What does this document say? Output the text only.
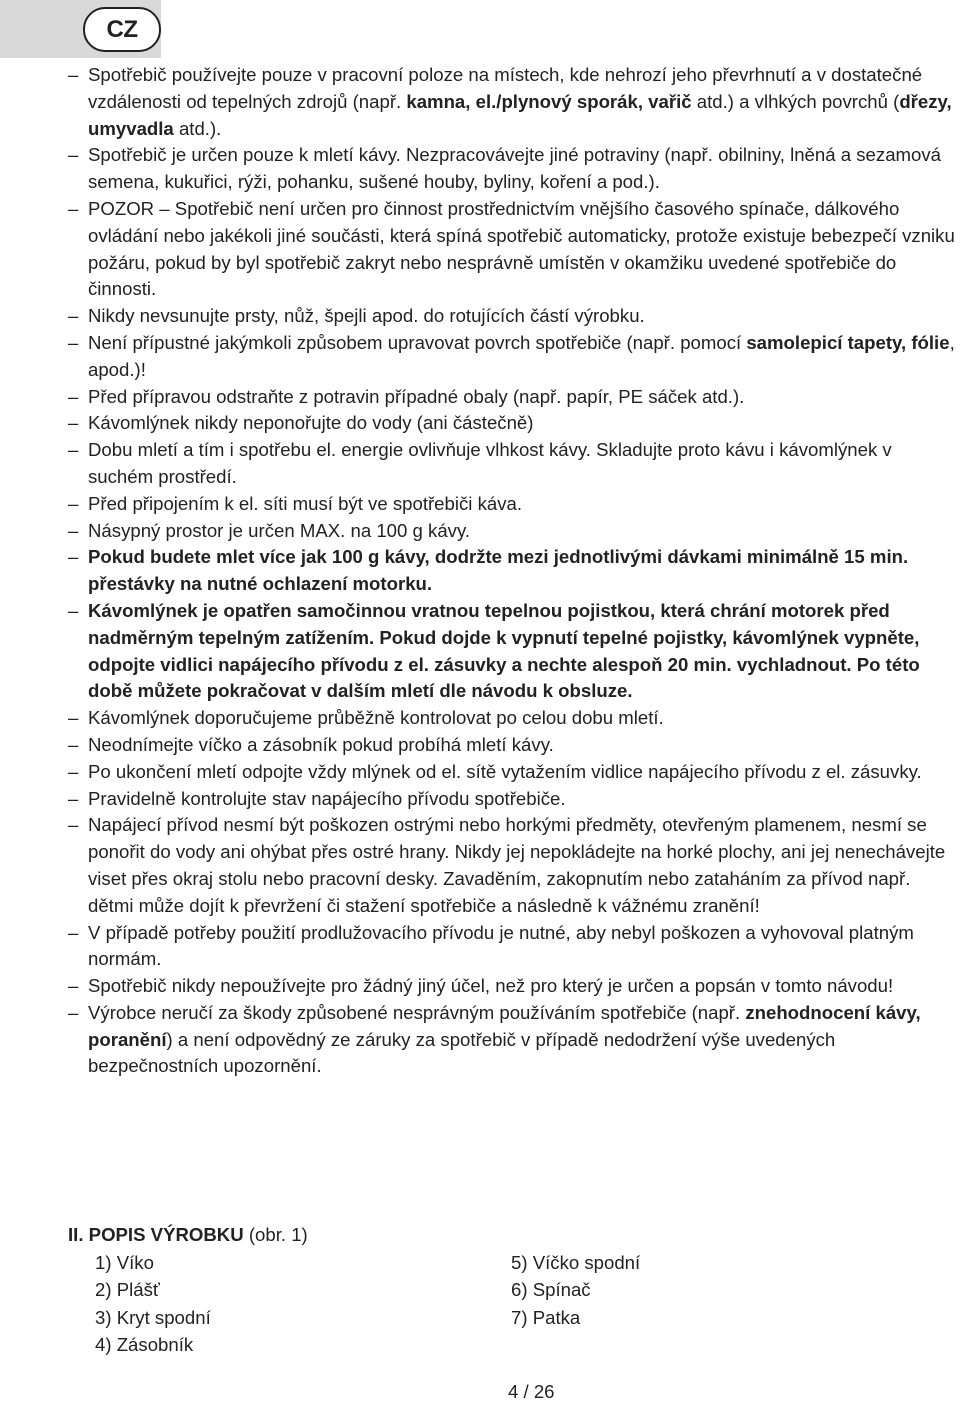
CZ
– Spotřebič používejte pouze v pracovní poloze na místech, kde nehrozí jeho převrhnutí a v dostatečné vzdálenosti od tepelných zdrojů (např. kamna, el./plynový sporák, vařič atd.) a vlhkých povrchů (dřezy, umyvadla atd.).
– Spotřebič je určen pouze k mletí kávy. Nezpracovávejte jiné potraviny (např. obilniny, lněná a sezamová semena, kukuřici, rýži, pohanku, sušené houby, byliny, koření a pod.).
– POZOR – Spotřebič není určen pro činnost prostřednictvím vnějšího časového spínače, dálkového ovládání nebo jakékoli jiné součásti, která spíná spotřebič automaticky, protože existuje bebezpečí vzniku požáru, pokud by byl spotřebič zakryt nebo nesprávně umístěn v okamžiku uvedené spotřebiče do činnosti.
– Nikdy nevsunujte prsty, nůž, špejli apod. do rotujících částí výrobku.
– Není přípustné jakýmkoli způsobem upravovat povrch spotřebiče (např. pomocí samolepicí tapety, fólie, apod.)!
– Před přípravou odstraňte z potravin případné obaly (např. papír, PE sáček atd.).
– Kávomlýnek nikdy neponořujte do vody (ani částečně)
– Dobu mletí a tím i spotřebu el. energie ovlivňuje vlhkost kávy. Skladujte proto kávu i kávomlýnek v suchém prostředí.
– Před připojením k el. síti musí být ve spotřebiči káva.
– Násypný prostor je určen MAX. na 100 g kávy.
– Pokud budete mlet více jak 100 g kávy, dodržte mezi jednotlivými dávkami minimálně 15 min. přestávky na nutné ochlazení motorku.
– Kávomlýnek je opatřen samočinnou vratnou tepelnou pojistkou, která chrání motorek před nadměrným tepelným zatížením. Pokud dojde k vypnutí tepelné pojistky, kávomlýnek vypněte, odpojte vidlici napájecího přívodu z el. zásuvky a nechte alespoň 20 min. vychladnout. Po této době můžete pokračovat v dalším mletí dle návodu k obsluze.
– Kávomlýnek doporučujeme průběžně kontrolovat po celou dobu mletí.
– Neodnímejte víčko a zásobník pokud probíhá mletí kávy.
– Po ukončení mletí odpojte vždy mlýnek od el. sítě vytažením vidlice napájecího přívodu z el. zásuvky.
– Pravidelně kontrolujte stav napájecího přívodu spotřebiče.
– Napájecí přívod nesmí být poškozen ostrými nebo horkými předměty, otevřeným plamenem, nesmí se ponořit do vody ani ohýbat přes ostré hrany. Nikdy jej nepokládejte na horké plochy, ani jej nenechávejte viset přes okraj stolu nebo pracovní desky. Zavaděním, zakopnutím nebo zataháním za přívod např. dětmi může dojít k převržení či stažení spotřebiče a následně k vážnému zranění!
– V případě potřeby použití prodlužovacího přívodu je nutné, aby nebyl poškozen a vyhovoval platným normám.
– Spotřebič nikdy nepoužívejte pro žádný jiný účel, než pro který je určen a popsán v tomto návodu!
– Výrobce neručí za škody způsobené nesprávným používáním spotřebiče (např. znehodnocení kávy, poranění) a není odpovědný ze záruky za spotřebič v případě nedodržení výše uvedených bezpečnostních upozornění.
II. POPIS VÝROBKU (obr. 1)
1) Víko
2) Plášť
3) Kryt spodní
4) Zásobník
5) Víčko spodní
6) Spínač
7) Patka
4 / 26
